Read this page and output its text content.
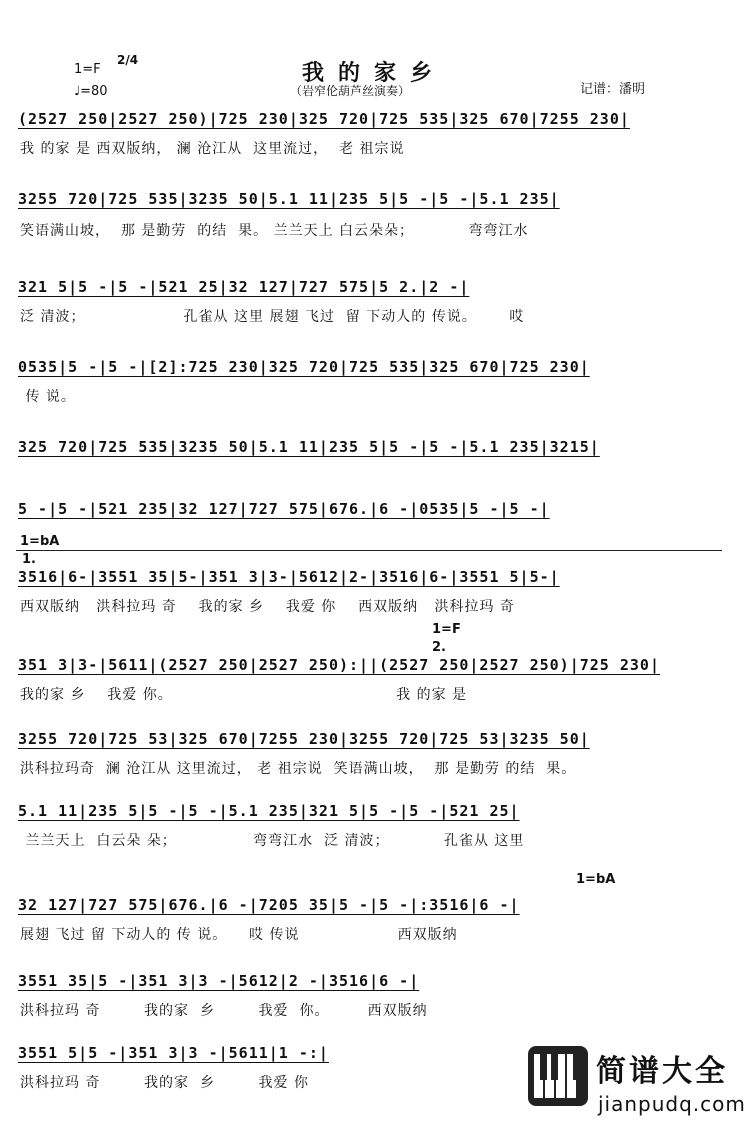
1=F
2/4
♩=80
我的家乡
（岩窄伦葫芦丝演奏）	记谱：潘明
(2527 250|2527 250)|725 230|325 720|725 535|325 670|7255 230|
我 的家 是 西双版纳， 澜 沧江从  这里流过，  老 祖宗说
3255 720|725 535|3235 50|5.1 11|235 5|5 -|5 -|5.1 235|
笑语满山坡，  那 是勤劳  的结  果。 兰兰天上 白云朵朵；          弯弯江水
321 5|5 -|5 -|521 25|32 127|727 575|5 2.|2 -|
泛 清波；                  孔雀从 这里 展翅 飞过  留 下动人的 传说。      哎
0535|5 -|5 -|[2]:725 230|325 720|725 535|325 670|725 230|
传 说。
325 720|725 535|3235 50|5.1 11|235 5|5 -|5 -|5.1 235|3215|
5 -|5 -|521 235|32 127|727 575|676.|6 -|0535|5 -|5 -|
1=bA
1.
3516|6-|3551 35|5-|351 3|3-|5612|2-|3516|6-|3551 5|5-|
西双版纳   洪科拉玛 奇    我的家 乡    我爱 你    西双版纳   洪科拉玛 奇
1=F
2.
351 3|3-|5611|(2527 250|2527 250):||(2527 250|2527 250)|725 230|
我的家 乡    我爱 你。                                         我 的家 是
3255 720|725 53|325 670|7255 230|3255 720|725 53|3235 50|
洪科拉玛奇  澜 沧江从 这里流过， 老 祖宗说  笑语满山坡，  那 是勤劳 的结  果。
5.1 11|235 5|5 -|5 -|5.1 235|321 5|5 -|5 -|521 25|
兰兰天上  白云朵 朵；              弯弯江水  泛 清波；          孔雀从 这里
1=bA
32 127|727 575|676.|6 -|7205 35|5 -|5 -|:3516|6 -|
展翅 飞过 留 下动人的 传 说。    哎 传说                  西双版纳
3551 35|5 -|351 3|3 -|5612|2 -|3516|6 -|
洪科拉玛 奇        我的家  乡        我爱  你。       西双版纳
3551 5|5 -|351 3|3 -|5611|1 -:|
洪科拉玛 奇        我的家  乡        我爱 你	简谱大全
jianpudq.com
